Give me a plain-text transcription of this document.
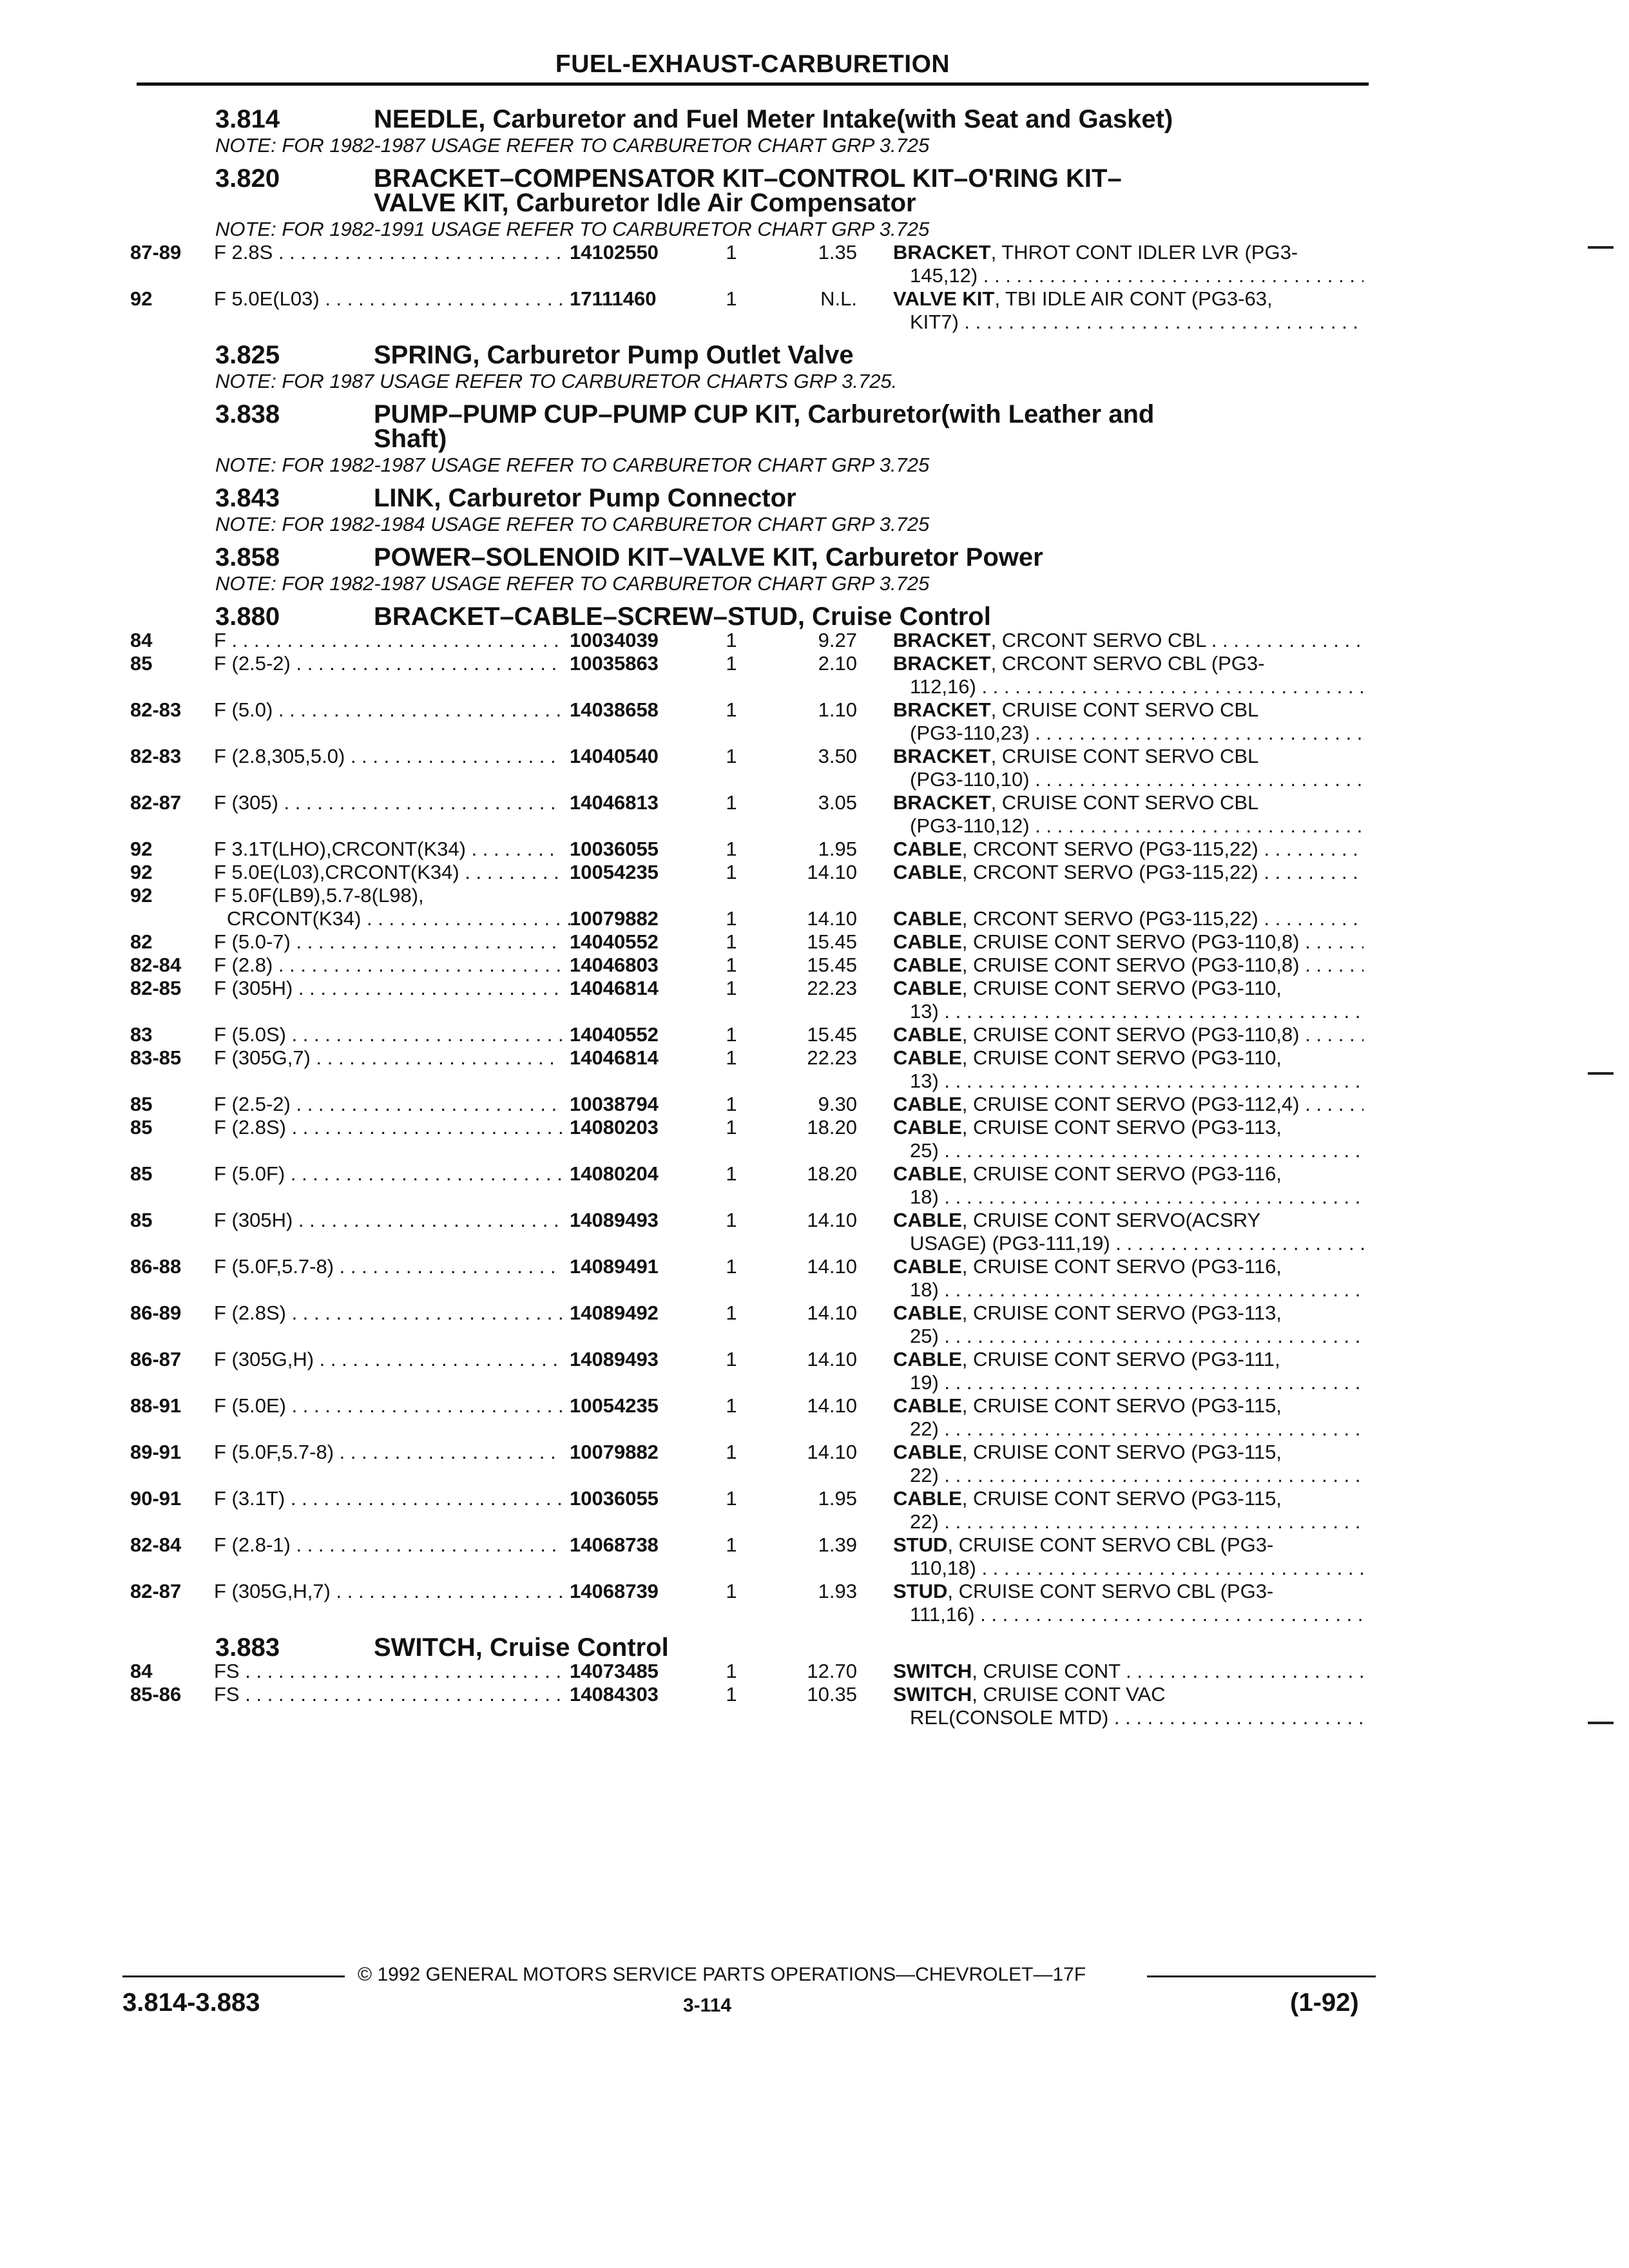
FUEL-EXHAUST-CARBURETION
3.814	NEEDLE, Carburetor and Fuel Meter Intake(with Seat and Gasket)
NOTE: FOR 1982-1987 USAGE REFER TO CARBURETOR CHART GRP 3.725
3.820	BRACKET–COMPENSATOR KIT–CONTROL KIT–O'RING KIT–
VALVE KIT, Carburetor Idle Air Compensator
NOTE: FOR 1982-1991 USAGE REFER TO CARBURETOR CHART GRP 3.725
87-89 F 2.8S . . .	14102550	1	1.35 BRACKET, THROT CONT IDLER LVR (PG3-
145,12) . . .
92	F 5.0E(L03) . . .	17111460	1	N.L. VALVE KIT, TBI IDLE AIR CONT (PG3-63,
KIT7) . . .
3.825	SPRING, Carburetor Pump Outlet Valve
NOTE: FOR 1987 USAGE REFER TO CARBURETOR CHARTS GRP 3.725.
3.838	PUMP–PUMP CUP–PUMP CUP KIT, Carburetor(with Leather and
Shaft)
NOTE: FOR 1982-1987 USAGE REFER TO CARBURETOR CHART GRP 3.725
3.843	LINK, Carburetor Pump Connector
NOTE: FOR 1982-1984 USAGE REFER TO CARBURETOR CHART GRP 3.725
3.858	POWER–SOLENOID KIT–VALVE KIT, Carburetor Power
NOTE: FOR 1982-1987 USAGE REFER TO CARBURETOR CHART GRP 3.725
3.880	BRACKET–CABLE–SCREW–STUD, Cruise Control
84	F . . .	10034039	1	9.27 BRACKET, CRCONT SERVO CBL . . .
85	F (2.5-2) . . .	10035863	1	2.10 BRACKET, CRCONT SERVO CBL (PG3-
112,16) . . .
82-83 F (5.0) . . .	14038658	1	1.10 BRACKET, CRUISE CONT SERVO CBL
(PG3-110,23) . . .
82-83 F (2.8,305,5.0) . . .	14040540	1	3.50 BRACKET, CRUISE CONT SERVO CBL
(PG3-110,10) . . .
82-87 F (305) . . .	14046813	1	3.05 BRACKET, CRUISE CONT SERVO CBL
(PG3-110,12) . . .
92	F 3.1T(LHO),CRCONT(K34) . . .	10036055	1	1.95 CABLE, CRCONT SERVO (PG3-115,22) . . .
92	F 5.0E(L03),CRCONT(K34) . . .	10054235	1	14.10 CABLE, CRCONT SERVO (PG3-115,22) . . .
92	F 5.0F(LB9),5.7-8(L98),
CRCONT(K34) . . .	10079882	1	14.10 CABLE, CRCONT SERVO (PG3-115,22) . . .
82	F (5.0-7) . . .	14040552	1	15.45 CABLE, CRUISE CONT SERVO (PG3-110,8) . . .
82-84 F (2.8) . . .	14046803	1	15.45 CABLE, CRUISE CONT SERVO (PG3-110,8) . . .
82-85 F (305H) . . .	14046814	1	22.23 CABLE, CRUISE CONT SERVO (PG3-110,
13) . . .
83	F (5.0S) . . .	14040552	1	15.45 CABLE, CRUISE CONT SERVO (PG3-110,8) . . .
83-85 F (305G,7) . . .	14046814	1	22.23 CABLE, CRUISE CONT SERVO (PG3-110,
13) . . .
85	F (2.5-2) . . .	10038794	1	9.30 CABLE, CRUISE CONT SERVO (PG3-112,4) . . .
85	F (2.8S) . . .	14080203	1	18.20 CABLE, CRUISE CONT SERVO (PG3-113,
25) . . .
85	F (5.0F) . . .	14080204	1	18.20 CABLE, CRUISE CONT SERVO (PG3-116,
18) . . .
85	F (305H) . . .	14089493	1	14.10 CABLE, CRUISE CONT SERVO(ACSRY
USAGE) (PG3-111,19) . . .
86-88 F (5.0F,5.7-8) . . .	14089491	1	14.10 CABLE, CRUISE CONT SERVO (PG3-116,
18) . . .
86-89 F (2.8S) . . .	14089492	1	14.10 CABLE, CRUISE CONT SERVO (PG3-113,
25) . . .
86-87 F (305G,H) . . .	14089493	1	14.10 CABLE, CRUISE CONT SERVO (PG3-111,
19) . . .
88-91 F (5.0E) . . .	10054235	1	14.10 CABLE, CRUISE CONT SERVO (PG3-115,
22) . . .
89-91 F (5.0F,5.7-8) . . .	10079882	1	14.10 CABLE, CRUISE CONT SERVO (PG3-115,
22) . . .
90-91 F (3.1T) . . .	10036055	1	1.95 CABLE, CRUISE CONT SERVO (PG3-115,
22) . . .
82-84 F (2.8-1) . . .	14068738	1	1.39 STUD, CRUISE CONT SERVO CBL (PG3-
110,18) . . .
82-87 F (305G,H,7) . . .	14068739	1	1.93 STUD, CRUISE CONT SERVO CBL (PG3-
111,16) . . .
3.883	SWITCH, Cruise Control
84	FS . . .	14073485	1	12.70 SWITCH, CRUISE CONT . . .
85-86 FS . . .	14084303	1	10.35 SWITCH, CRUISE CONT VAC
REL(CONSOLE MTD) . . .
© 1992 GENERAL MOTORS SERVICE PARTS OPERATIONS—CHEVROLET—17F
3.814-3.883	3-114	(1-92)
